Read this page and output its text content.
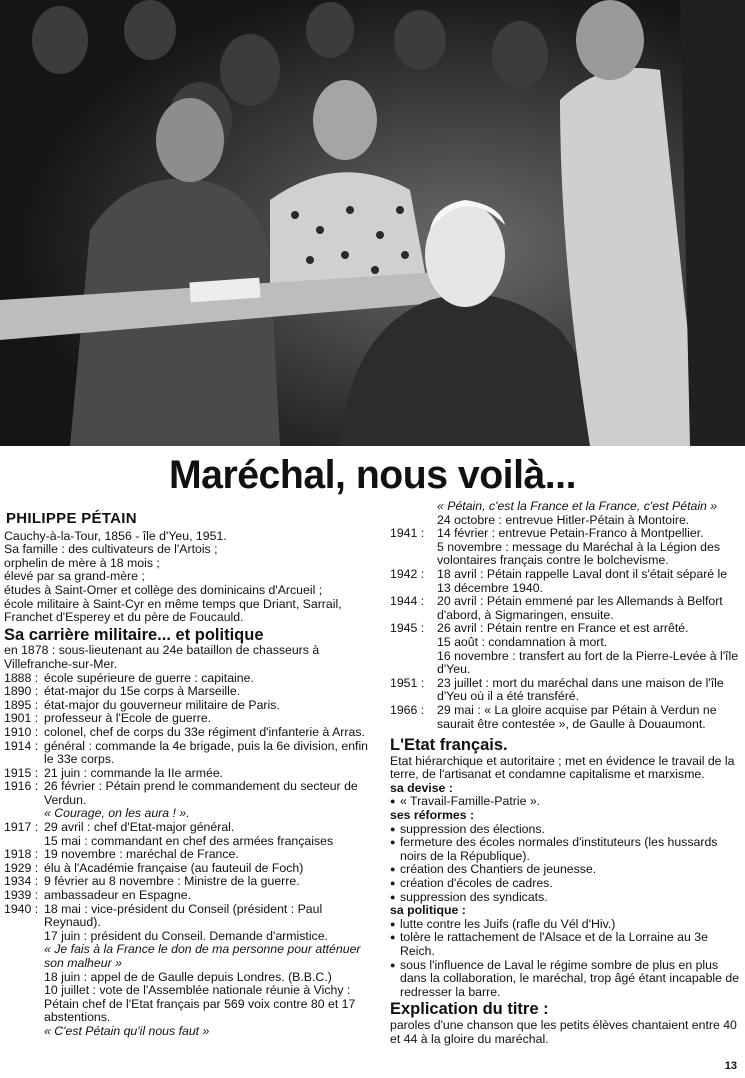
Maréchal, nous voilà...
PHILIPPE PÉTAIN

Cauchy-à-la-Tour, 1856 - île d'Yeu, 1951.

Sa famille : des cultivateurs de l'Artois ;

orphelin de mère à 18 mois ;

élevé par sa grand-mère ;

études à Saint-Omer et collège des dominicains d'Arcueil ;

école militaire à Saint-Cyr en même temps que Driant, Sarrail, Franchet d'Esperey et du père de Foucauld.

Sa carrière militaire... et politique

en 1878 : sous-lieutenant au 24e bataillon de chasseurs à Villefranche-sur-Mer.

1888 : école supérieure de guerre : capitaine.
1890 : état-major du 15e corps à Marseille.
1895 : état-major du gouverneur militaire de Paris.
1901 : professeur à l'Ecole de guerre.
1910 : colonel, chef de corps du 33e régiment d'infanterie à Arras.
1914 : général : commande la 4e brigade, puis la 6e division, enfin le 33e corps.
1915 : 21 juin : commande la IIe armée.
1916 : 26 février : Pétain prend le commandement du secteur de Verdun.
« Courage, on les aura ! ».
1917 : 29 avril : chef d'Etat-major général.
15 mai : commandant en chef des armées françaises
1918 : 19 novembre : maréchal de France.
1929 : élu à l'Académie française (au fauteuil de Foch)
1934 : 9 février au 8 novembre : Ministre de la guerre.
1939 : ambassadeur en Espagne.
1940 : 18 mai : vice-président du Conseil (président : Paul Reynaud).
17 juin : président du Conseil. Demande d'armistice.
« Je fais à la France le don de ma personne pour atténuer son malheur »
18 juin : appel de de Gaulle depuis Londres. (B.B.C.)
10 juillet : vote de l'Assemblée nationale réunie à Vichy : Pétain chef de l'Etat français par 569 voix contre 80 et 17 abstentions.
« C'est Pétain qu'il nous faut »
« Pétain, c'est la France et la France, c'est Pétain »
24 octobre : entrevue Hitler-Pétain à Montoire.
1941 :	14 février : entrevue Petain-Franco à Montpellier.
5 novembre : message du Maréchal à la Légion des volontaires français contre le bolchevisme.
1942 :	18 avril : Pétain rappelle Laval dont il s'était séparé le 13 décembre 1940.
1944 :	20 avril : Pétain emmené par les Allemands à Belfort d'abord, à Sigmaringen, ensuite.
1945 :	26 avril : Pétain rentre en France et est arrêté.
15 août : condamnation à mort.
16 novembre : transfert au fort de la Pierre-Levée à l'île d'Yeu.
1951 :	23 juillet : mort du maréchal dans une maison de l'île d'Yeu où il a été transféré.
1966 :	29 mai : « La gloire acquise par Pétain à Verdun ne saurait être contestée », de Gaulle à Douaumont.
L'Etat français.

Etat hiérarchique et autoritaire ; met en évidence le travail de la terre, de l'artisanat et condamne capitalisme et marxisme.

sa devise :

● « Travail-Famille-Patrie ».

ses réformes :

● suppression des élections.
● fermeture des écoles normales d'instituteurs (les hussards noirs de la République).
● création des Chantiers de jeunesse.
● création d'écoles de cadres.
● suppression des syndicats.

sa politique :

● lutte contre les Juifs (rafle du Vél d'Hiv.)
● tolère le rattachement de l'Alsace et de la Lorraine au 3e Reich.
● sous l'influence de Laval le régime sombre de plus en plus dans la collaboration, le maréchal, trop âgé étant incapable de redresser la barre.
Explication du titre :

paroles d'une chanson que les petits élèves chantaient entre 40 et 44 à la gloire du maréchal.

13
